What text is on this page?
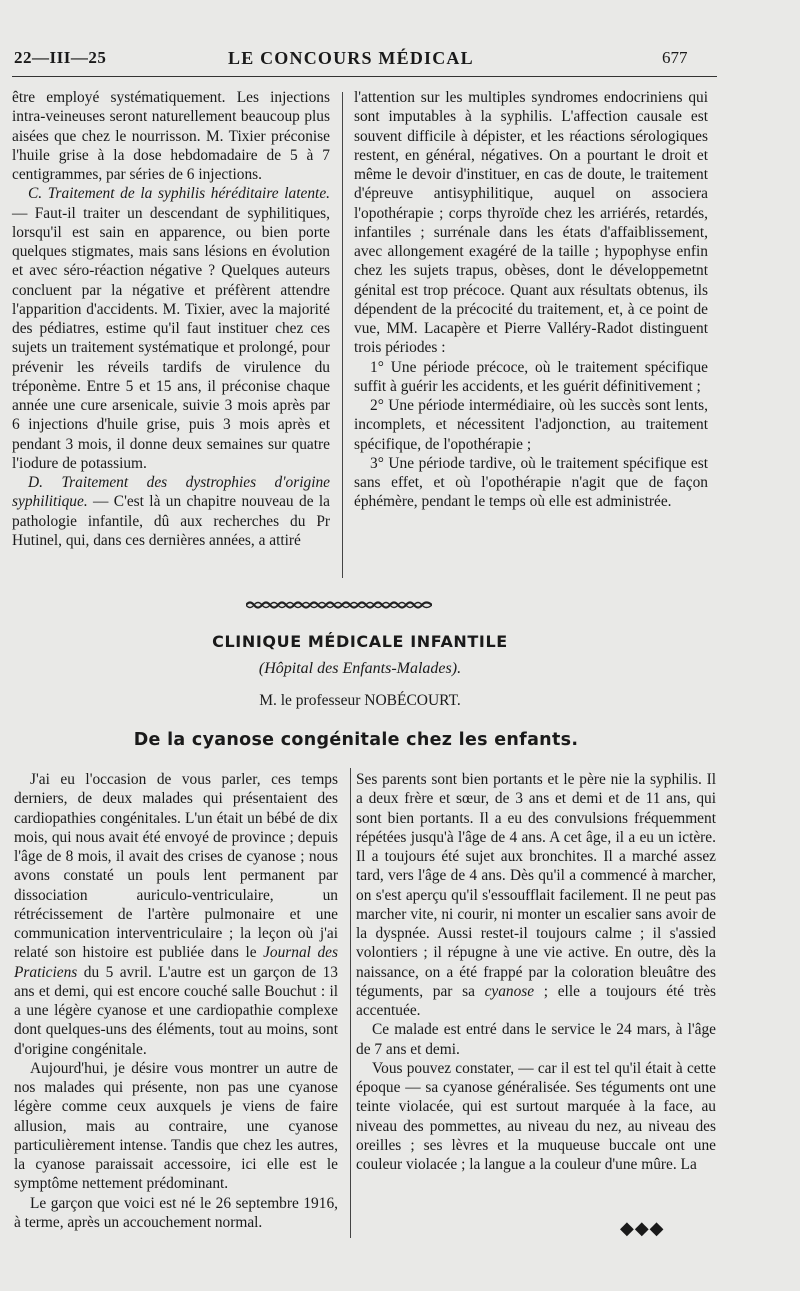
22—III—25	LE CONCOURS MÉDICAL	677

être employé systématiquement. Les injections intra-veineuses seront naturellement beaucoup plus aisées que chez le nourrisson. M. Tixier préconise l'huile grise à la dose hebdomadaire de 5 à 7 centigrammes, par séries de 6 injections.

C. Traitement de la syphilis héréditaire latente. — Faut-il traiter un descendant de syphilitiques, lorsqu'il est sain en apparence, ou bien porte quelques stigmates, mais sans lésions en évolution et avec séro-réaction négative ? Quelques auteurs concluent par la négative et préfèrent attendre l'apparition d'accidents. M. Tixier, avec la majorité des pédiatres, estime qu'il faut instituer chez ces sujets un traitement systématique et prolongé, pour prévenir les réveils tardifs de virulence du tréponème. Entre 5 et 15 ans, il préconise chaque année une cure arsenicale, suivie 3 mois après par 6 injections d'huile grise, puis 3 mois après et pendant 3 mois, il donne deux semaines sur quatre l'iodure de potassium.

D. Traitement des dystrophies d'origine syphilitique. — C'est là un chapitre nouveau de la pathologie infantile, dû aux recherches du Pr Hutinel, qui, dans ces dernières années, a attiré

l'attention sur les multiples syndromes endocriniens qui sont imputables à la syphilis. L'affection causale est souvent difficile à dépister, et les réactions sérologiques restent, en général, négatives. On a pourtant le droit et même le devoir d'instituer, en cas de doute, le traitement d'épreuve antisyphilitique, auquel on associera l'opothérapie ; corps thyroïde chez les arriérés, retardés, infantiles ; surrénale dans les états d'affaiblissement, avec allongement exagéré de la taille ; hypophyse enfin chez les sujets trapus, obèses, dont le développemetnt génital est trop précoce. Quant aux résultats obtenus, ils dépendent de la précocité du traitement, et, à ce point de vue, MM. Lacapère et Pierre Valléry-Radot distinguent trois périodes :

1° Une période précoce, où le traitement spécifique suffit à guérir les accidents, et les guérit définitivement ;

2° Une période intermédiaire, où les succès sont lents, incomplets, et nécessitent l'adjonction, au traitement spécifique, de l'opothérapie ;

3° Une période tardive, où le traitement spécifique est sans effet, et où l'opothérapie n'agit que de façon éphémère, pendant le temps où elle est administrée.

CLINIQUE MÉDICALE INFANTILE
(Hôpital des Enfants-Malades).
M. le professeur NOBÉCOURT.
De la cyanose congénitale chez les enfants.

J'ai eu l'occasion de vous parler, ces temps derniers, de deux malades qui présentaient des cardiopathies congénitales. L'un était un bébé de dix mois, qui nous avait été envoyé de province ; depuis l'âge de 8 mois, il avait des crises de cyanose ; nous avons constaté un pouls lent permanent par dissociation auriculo-ventriculaire, un rétrécissement de l'artère pulmonaire et une communication interventriculaire ; la leçon où j'ai relaté son histoire est publiée dans le Journal des Praticiens du 5 avril. L'autre est un garçon de 13 ans et demi, qui est encore couché salle Bouchut : il a une légère cyanose et une cardiopathie complexe dont quelques-uns des éléments, tout au moins, sont d'origine congénitale.

Aujourd'hui, je désire vous montrer un autre de nos malades qui présente, non pas une cyanose légère comme ceux auxquels je viens de faire allusion, mais au contraire, une cyanose particulièrement intense. Tandis que chez les autres, la cyanose paraissait accessoire, ici elle est le symptôme nettement prédominant.

Le garçon que voici est né le 26 septembre 1916, à terme, après un accouchement normal.

Ses parents sont bien portants et le père nie la syphilis. Il a deux frère et sœur, de 3 ans et demi et de 11 ans, qui sont bien portants. Il a eu des convulsions fréquemment répétées jusqu'à l'âge de 4 ans. A cet âge, il a eu un ictère. Il a toujours été sujet aux bronchites. Il a marché assez tard, vers l'âge de 4 ans. Dès qu'il a commencé à marcher, on s'est aperçu qu'il s'essoufflait facilement. Il ne peut pas marcher vite, ni courir, ni monter un escalier sans avoir de la dyspnée. Aussi restet-il toujours calme ; il s'assied volontiers ; il répugne à une vie active. En outre, dès la naissance, on a été frappé par la coloration bleuâtre des téguments, par sa cyanose ; elle a toujours été très accentuée.

Ce malade est entré dans le service le 24 mars, à l'âge de 7 ans et demi.

Vous pouvez constater, — car il est tel qu'il était à cette époque — sa cyanose généralisée. Ses téguments ont une teinte violacée, qui est surtout marquée à la face, au niveau des pommettes, au niveau du nez, au niveau des oreilles ; ses lèvres et la muqueuse buccale ont une couleur violacée ; la langue a la couleur d'une mûre. La

◆◆◆
